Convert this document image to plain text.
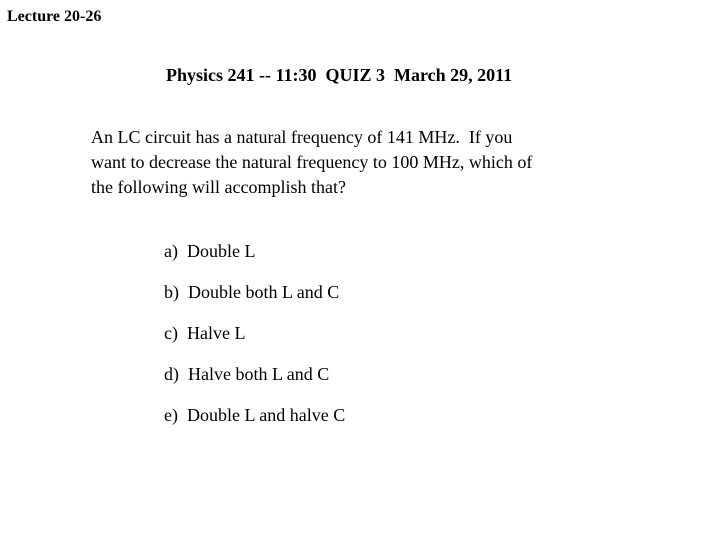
Lecture 20-26
Physics 241 -- 11:30  QUIZ 3  March 29, 2011
An LC circuit has a natural frequency of 141 MHz.  If you
want to decrease the natural frequency to 100 MHz, which of
the following will accomplish that?
a)  Double L
b)  Double both L and C
c)  Halve L
d)  Halve both L and C
e)  Double L and halve C
